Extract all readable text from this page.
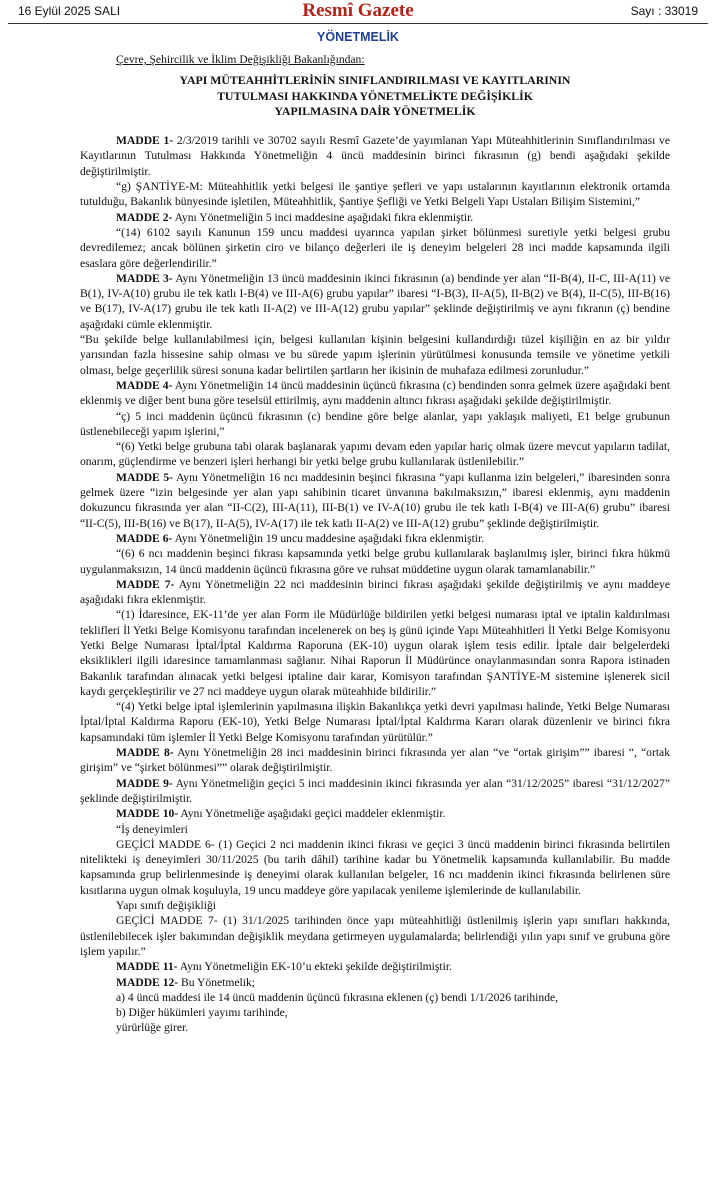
16 Eylül 2025 SALI	Resmî Gazete	Sayı : 33019
YÖNETMELİK

Çevre, Şehircilik ve İklim Değişikliği Bakanlığından:

YAPI MÜTEAHHİTLERİNİN SINIFLANDIRILMASI VE KAYITLARININ
TUTULMASI HAKKINDA YÖNETMELİKTE DEĞİŞİKLİK
YAPILMASINA DAİR YÖNETMELİK

MADDE 1- 2/3/2019 tarihli ve 30702 sayılı Resmî Gazete’de yayımlanan Yapı Müteahhitlerinin Sınıflandırılması ve Kayıtlarının Tutulması Hakkında Yönetmeliğin 4 üncü maddesinin birinci fıkrasının (g) bendi aşağıdaki şekilde değiştirilmiştir.

“g) ŞANTİYE-M: Müteahhitlik yetki belgesi ile şantiye şefleri ve yapı ustalarının kayıtlarının elektronik ortamda tutulduğu, Bakanlık bünyesinde işletilen, Müteahhitlik, Şantiye Şefliği ve Yetki Belgeli Yapı Ustaları Bilişim Sistemini,”

MADDE 2- Aynı Yönetmeliğin 5 inci maddesine aşağıdaki fıkra eklenmiştir.

“(14) 6102 sayılı Kanunun 159 uncu maddesi uyarınca yapılan şirket bölünmesi suretiyle yetki belgesi grubu devredilemez; ancak bölünen şirketin ciro ve bilanço değerleri ile iş deneyim belgeleri 28 inci madde kapsamında ilgili esaslara göre değerlendirilir.”

MADDE 3- Aynı Yönetmeliğin 13 üncü maddesinin ikinci fıkrasının (a) bendinde yer alan “II-B(4), II-C, III-A(11) ve B(1), IV-A(10) grubu ile tek katlı I-B(4) ve III-A(6) grubu yapılar” ibaresi “I-B(3), II-A(5), II-B(2) ve B(4), II-C(5), III-B(16) ve B(17), IV-A(17) grubu ile tek katlı II-A(2) ve III-A(12) grubu yapılar” şeklinde değiştirilmiş ve aynı fıkranın (ç) bendine aşağıdaki cümle eklenmiştir.

“Bu şekilde belge kullanılabilmesi için, belgesi kullanılan kişinin belgesini kullandırdığı tüzel kişiliğin en az bir yıldır yarısından fazla hissesine sahip olması ve bu sürede yapım işlerinin yürütülmesi konusunda temsile ve yönetime yetkili olması, belge geçerlilik süresi sonuna kadar belirtilen şartların her ikisinin de muhafaza edilmesi zorunludur.”

MADDE 4- Aynı Yönetmeliğin 14 üncü maddesinin üçüncü fıkrasına (c) bendinden sonra gelmek üzere aşağıdaki bent eklenmiş ve diğer bent buna göre teselsül ettirilmiş, aynı maddenin altıncı fıkrası aşağıdaki şekilde değiştirilmiştir.

“ç) 5 inci maddenin üçüncü fıkrasının (c) bendine göre belge alanlar, yapı yaklaşık maliyeti, E1 belge grubunun üstlenebileceği yapım işlerini,”

“(6) Yetki belge grubuna tabi olarak başlanarak yapımı devam eden yapılar hariç olmak üzere mevcut yapıların tadilat, onarım, güçlendirme ve benzeri işleri herhangi bir yetki belge grubu kullanılarak üstlenilebilir.”

MADDE 5- Aynı Yönetmeliğin 16 ncı maddesinin beşinci fıkrasına “yapı kullanma izin belgeleri,” ibaresinden sonra gelmek üzere “izin belgesinde yer alan yapı sahibinin ticaret ünvanına bakılmaksızın,” ibaresi eklenmiş, aynı maddenin dokuzuncu fıkrasında yer alan “II-C(2), III-A(11), III-B(1) ve IV-A(10) grubu ile tek katlı I-B(4) ve III-A(6) grubu” ibaresi “II-C(5), III-B(16) ve B(17), II-A(5), IV-A(17) ile tek katlı II-A(2) ve III-A(12) grubu” şeklinde değiştirilmiştir.

MADDE 6- Aynı Yönetmeliğin 19 uncu maddesine aşağıdaki fıkra eklenmiştir.

“(6) 6 ncı maddenin beşinci fıkrası kapsamında yetki belge grubu kullanılarak başlanılmış işler, birinci fıkra hükmü uygulanmaksızın, 14 üncü maddenin üçüncü fıkrasına göre ve ruhsat müddetine uygun olarak tamamlanabilir.”

MADDE 7- Aynı Yönetmeliğin 22 nci maddesinin birinci fıkrası aşağıdaki şekilde değiştirilmiş ve aynı maddeye aşağıdaki fıkra eklenmiştir.

“(1) İdaresince, EK-11’de yer alan Form ile Müdürlüğe bildirilen yetki belgesi numarası iptal ve iptalin kaldırılması teklifleri İl Yetki Belge Komisyonu tarafından incelenerek on beş iş günü içinde Yapı Müteahhitleri İl Yetki Belge Komisyonu Yetki Belge Numarası İptal/İptal Kaldırma Raporuna (EK-10) uygun olarak işlem tesis edilir. İptale dair belgelerdeki eksiklikleri ilgili idaresince tamamlanması sağlanır. Nihai Raporun İl Müdürünce onaylanmasından sonra Rapora istinaden Bakanlık tarafından alınacak yetki belgesi iptaline dair karar, Komisyon tarafından ŞANTİYE-M sistemine işlenerek sicil kaydı gerçekleştirilir ve 27 nci maddeye uygun olarak müteahhide bildirilir.”

“(4) Yetki belge iptal işlemlerinin yapılmasına ilişkin Bakanlıkça yetki devri yapılması halinde, Yetki Belge Numarası İptal/İptal Kaldırma Raporu (EK-10), Yetki Belge Numarası İptal/İptal Kaldırma Kararı olarak düzenlenir ve birinci fıkra kapsamındaki tüm işlemler İl Yetki Belge Komisyonu tarafından yürütülür.”

MADDE 8- Aynı Yönetmeliğin 28 inci maddesinin birinci fıkrasında yer alan “ve “ortak girişim”” ibaresi “, “ortak girişim” ve “şirket bölünmesi”” olarak değiştirilmiştir.

MADDE 9- Aynı Yönetmeliğin geçici 5 inci maddesinin ikinci fıkrasında yer alan “31/12/2025” ibaresi “31/12/2027” şeklinde değiştirilmiştir.

MADDE 10- Aynı Yönetmeliğe aşağıdaki geçici maddeler eklenmiştir.

“İş deneyimleri

GEÇİCİ MADDE 6- (1) Geçici 2 nci maddenin ikinci fıkrası ve geçici 3 üncü maddenin birinci fıkrasında belirtilen nitelikteki iş deneyimleri 30/11/2025 (bu tarih dâhil) tarihine kadar bu Yönetmelik kapsamında kullanılabilir. Bu madde kapsamında grup belirlenmesinde iş deneyimi olarak kullanılan belgeler, 16 ncı maddenin ikinci fıkrasında belirlenen süre kısıtlarına uygun olmak koşuluyla, 19 uncu maddeye göre yapılacak yenileme işlemlerinde de kullanılabilir.

Yapı sınıfı değişikliği

GEÇİCİ MADDE 7- (1) 31/1/2025 tarihinden önce yapı müteahhitliği üstlenilmiş işlerin yapı sınıfları hakkında, üstlenilebilecek işler bakımından değişiklik meydana getirmeyen uygulamalarda; belirlendiği yılın yapı sınıf ve grubuna göre işlem yapılır.”

MADDE 11- Aynı Yönetmeliğin EK-10’u ekteki şekilde değiştirilmiştir.

MADDE 12- Bu Yönetmelik;

a) 4 üncü maddesi ile 14 üncü maddenin üçüncü fıkrasına eklenen (ç) bendi 1/1/2026 tarihinde,

b) Diğer hükümleri yayımı tarihinde,

yürürlüğe girer.
